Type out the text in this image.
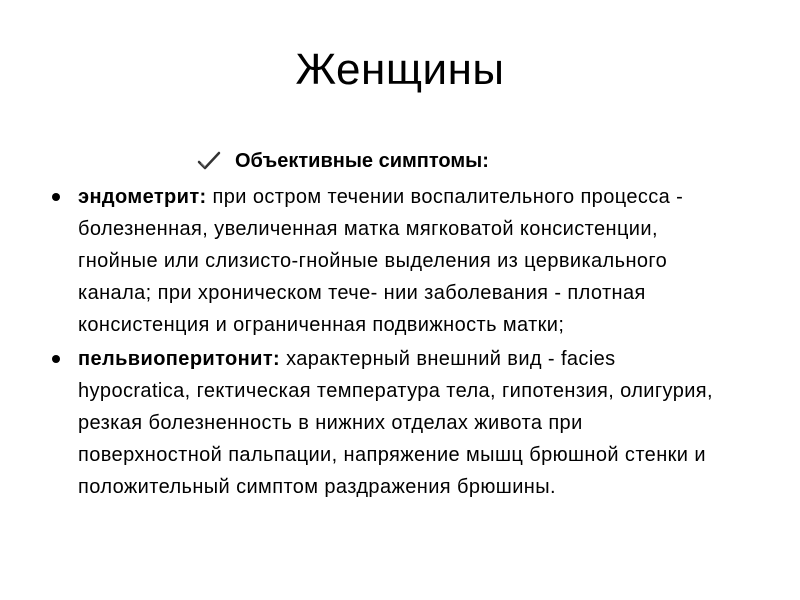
Женщины
Объективные симптомы:
эндометрит: при остром течении воспалительного процесса - болезненная, увеличенная матка мягковатой консистенции, гнойные или слизисто-гнойные выделения из цервикального канала; при хроническом тече- нии заболевания - плотная консистенция и ограниченная подвижность матки;
пельвиоперитонит: характерный внешний вид - facies hypocratica, гектическая температура тела, гипотензия, олигурия, резкая болезненность в нижних отделах живота при поверхностной пальпации, напряжение мышц брюшной стенки и положительный симптом раздражения брюшины.
